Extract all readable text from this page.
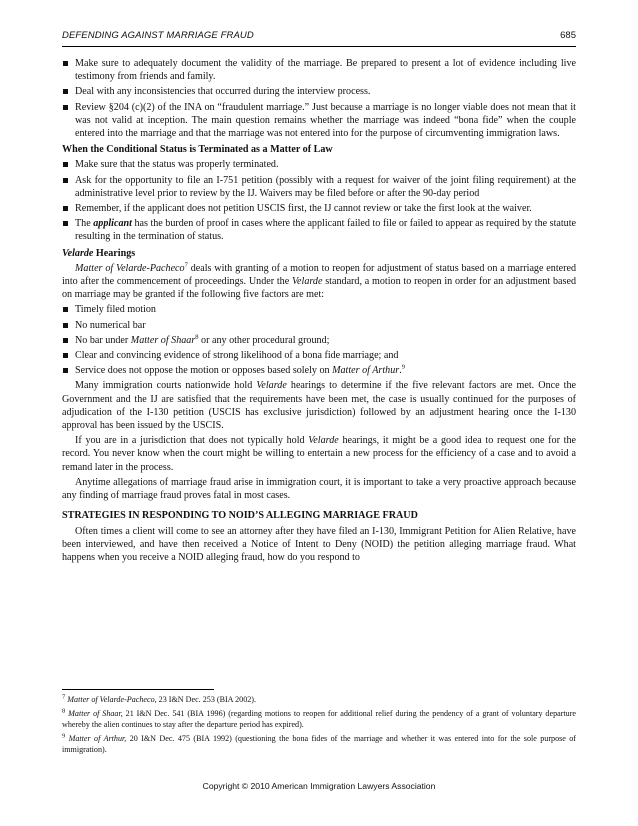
DEFENDING AGAINST MARRIAGE FRAUD	685
Make sure to adequately document the validity of the marriage. Be prepared to present a lot of evidence including live testimony from friends and family.
Deal with any inconsistencies that occurred during the interview process.
Review §204 (c)(2) of the INA on “fraudulent marriage.” Just because a marriage is no longer viable does not mean that it was not valid at inception. The main question remains whether the marriage was indeed “bona fide” when the couple entered into the marriage and that the marriage was not entered into for the purpose of circumventing immigration laws.
When the Conditional Status is Terminated as a Matter of Law
Make sure that the status was properly terminated.
Ask for the opportunity to file an I-751 petition (possibly with a request for waiver of the joint filing requirement) at the administrative level prior to review by the IJ. Waivers may be filed before or after the 90-day period
Remember, if the applicant does not petition USCIS first, the IJ cannot review or take the first look at the waiver.
The applicant has the burden of proof in cases where the applicant failed to file or failed to appear as required by the statute resulting in the termination of status.
Velarde Hearings
Matter of Velarde-Pacheco$^7$ deals with granting of a motion to reopen for adjustment of status based on a marriage entered into after the commencement of proceedings. Under the Velarde standard, a motion to reopen in order for an adjustment based on marriage may be granted if the following five factors are met:
Timely filed motion
No numerical bar
No bar under Matter of Shaar$^8$ or any other procedural ground;
Clear and convincing evidence of strong likelihood of a bona fide marriage; and
Service does not oppose the motion or opposes based solely on Matter of Arthur.$^9$
Many immigration courts nationwide hold Velarde hearings to determine if the five relevant factors are met. Once the Government and the IJ are satisfied that the requirements have been met, the case is usually continued for the purposes of adjudication of the I-130 petition (USCIS has exclusive jurisdiction) followed by an adjustment hearing once the I-130 approval has been issued by the USCIS.
If you are in a jurisdiction that does not typically hold Velarde hearings, it might be a good idea to request one for the record. You never know when the court might be willing to entertain a new process for the efficiency of a case and to avoid a remand later in the process.
Anytime allegations of marriage fraud arise in immigration court, it is important to take a very proactive approach because any finding of marriage fraud proves fatal in most cases.
STRATEGIES IN RESPONDING TO NOID’S ALLEGING MARRIAGE FRAUD
Often times a client will come to see an attorney after they have filed an I-130, Immigrant Petition for Alien Relative, have been interviewed, and have then received a Notice of Intent to Deny (NOID) the petition alleging marriage fraud. What happens when you receive a NOID alleging fraud, how do you respond to
$^7$ Matter of Velarde-Pacheco, 23 I&N Dec. 253 (BIA 2002).
$^8$ Matter of Shaar, 21 I&N Dec. 541 (BIA 1996) (regarding motions to reopen for additional relief during the pendency of a grant of voluntary departure whereby the alien continues to stay after the departure period has expired).
$^9$ Matter of Arthur, 20 I&N Dec. 475 (BIA 1992) (questioning the bona fides of the marriage and whether it was entered into for the sole purpose of immigration).
Copyright © 2010 American Immigration Lawyers Association
